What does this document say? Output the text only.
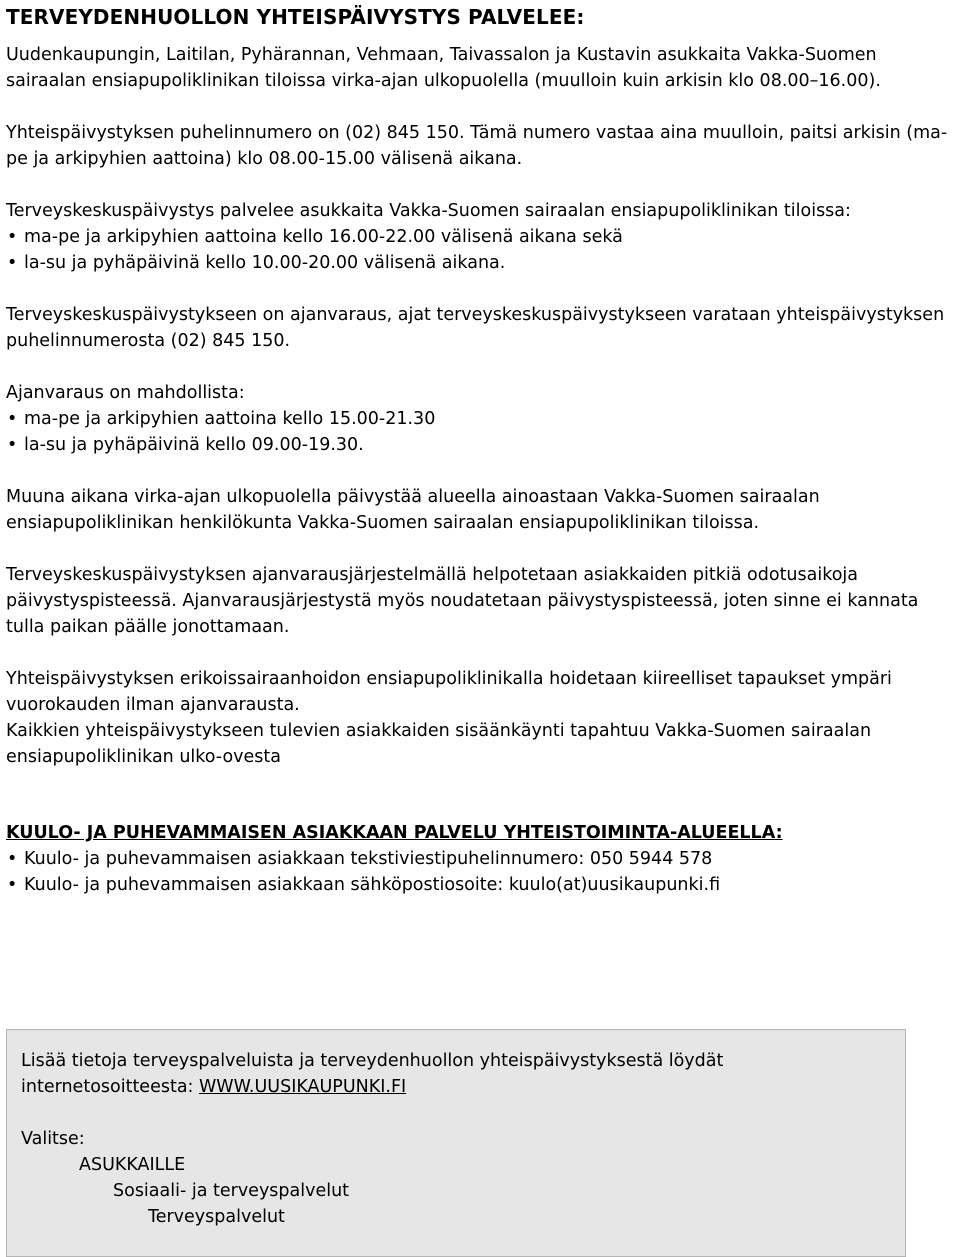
TERVEYDENHUOLLON YHTEISPÄIVYSTYS PALVELEE:

Uudenkaupungin, Laitilan, Pyhärannan, Vehmaan, Taivassalon ja Kustavin asukkaita Vakka-Suomen sairaalan ensiapupoliklinikan tiloissa virka-ajan ulkopuolella (muulloin kuin arkisin klo 08.00–16.00).

Yhteispäivystyksen puhelinnumero on (02) 845 150. Tämä numero vastaa aina muulloin, paitsi arkisin (ma-pe ja arkipyhien aattoina) klo 08.00-15.00 välisenä aikana.

Terveyskeskuspäivystys palvelee asukkaita Vakka-Suomen sairaalan ensiapupoliklinikan tiloissa:

• ma-pe ja arkipyhien aattoina kello 16.00-22.00 välisenä aikana sekä
• la-su ja pyhäpäivinä kello 10.00-20.00 välisenä aikana.

Terveyskeskuspäivystykseen on ajanvaraus, ajat terveyskeskuspäivystykseen varataan yhteispäivystyksen puhelinnumerosta (02) 845 150.

Ajanvaraus on mahdollista:

• ma-pe ja arkipyhien aattoina kello 15.00-21.30
• la-su ja pyhäpäivinä kello 09.00-19.30.

Muuna aikana virka-ajan ulkopuolella päivystää alueella ainoastaan Vakka-Suomen sairaalan ensiapupoliklinikan henkilökunta Vakka-Suomen sairaalan ensiapupoliklinikan tiloissa.

Terveyskeskuspäivystyksen ajanvarausjärjestelmällä helpotetaan asiakkaiden pitkiä odotusaikoja päivystyspisteessä. Ajanvarausjärjestystä myös noudatetaan päivystyspisteessä, joten sinne ei kannata tulla paikan päälle jonottamaan.

Yhteispäivystyksen erikoissairaanhoidon ensiapupoliklinikalla hoidetaan kiireelliset tapaukset ympäri vuorokauden ilman ajanvarausta.

Kaikkien yhteispäivystykseen tulevien asiakkaiden sisäänkäynti tapahtuu Vakka-Suomen sairaalan ensiapupoliklinikan ulko-ovesta

KUULO- JA PUHEVAMMAISEN ASIAKKAAN PALVELU YHTEISTOIMINTA-ALUEELLA:

• Kuulo- ja puhevammaisen asiakkaan tekstiviestipuhelinnumero: 050 5944 578
• Kuulo- ja puhevammaisen asiakkaan sähköpostiosoite: kuulo(at)uusikaupunki.fi

Lisää tietoja terveyspalveluista ja terveydenhuollon yhteispäivystyksestä löydät

internetosoitteesta: WWW.UUSIKAUPUNKI.FI

Valitse:

ASUKKAILLE

Sosiaali- ja terveyspalvelut

Terveyspalvelut
